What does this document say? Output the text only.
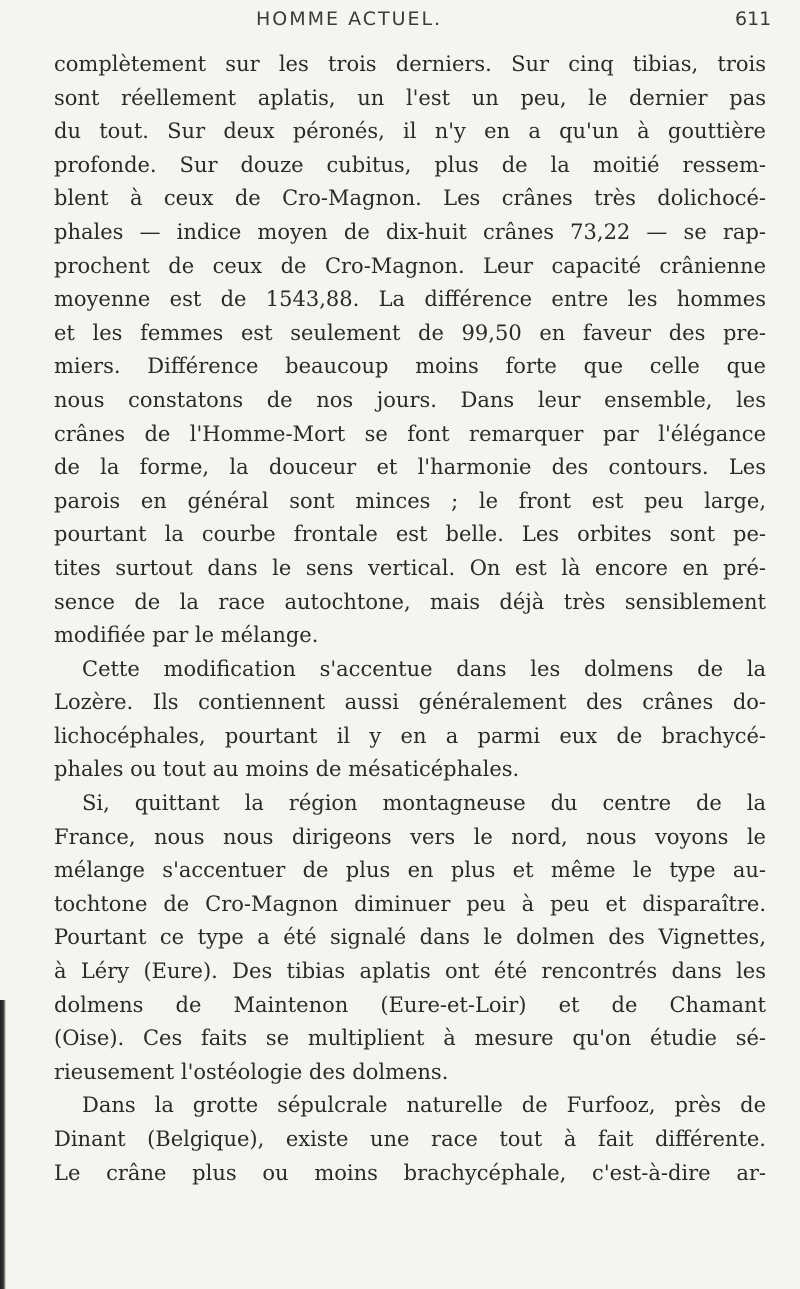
HOMME ACTUEL.	611
complètement sur les trois derniers. Sur cinq tibias, trois
sont réellement aplatis, un l'est un peu, le dernier pas
du tout. Sur deux péronés, il n'y en a qu'un à gouttière
profonde. Sur douze cubitus, plus de la moitié ressem-
blent à ceux de Cro-Magnon. Les crânes très dolichocé-
phales — indice moyen de dix-huit crânes 73,22 — se rap-
prochent de ceux de Cro-Magnon. Leur capacité crânienne
moyenne est de 1543,88. La différence entre les hommes
et les femmes est seulement de 99,50 en faveur des pre-
miers. Différence beaucoup moins forte que celle que
nous constatons de nos jours. Dans leur ensemble, les
crânes de l'Homme-Mort se font remarquer par l'élégance
de la forme, la douceur et l'harmonie des contours. Les
parois en général sont minces ; le front est peu large,
pourtant la courbe frontale est belle. Les orbites sont pe-
tites surtout dans le sens vertical. On est là encore en pré-
sence de la race autochtone, mais déjà très sensiblement
modifiée par le mélange.
Cette modification s'accentue dans les dolmens de la
Lozère. Ils contiennent aussi généralement des crânes do-
lichocéphales, pourtant il y en a parmi eux de brachycé-
phales ou tout au moins de mésaticéphales.
Si, quittant la région montagneuse du centre de la
France, nous nous dirigeons vers le nord, nous voyons le
mélange s'accentuer de plus en plus et même le type au-
tochtone de Cro-Magnon diminuer peu à peu et disparaître.
Pourtant ce type a été signalé dans le dolmen des Vignettes,
à Léry (Eure). Des tibias aplatis ont été rencontrés dans les
dolmens de Maintenon (Eure-et-Loir) et de Chamant
(Oise). Ces faits se multiplient à mesure qu'on étudie sé-
rieusement l'ostéologie des dolmens.
Dans la grotte sépulcrale naturelle de Furfooz, près de
Dinant (Belgique), existe une race tout à fait différente.
Le crâne plus ou moins brachycéphale, c'est-à-dire ar-
